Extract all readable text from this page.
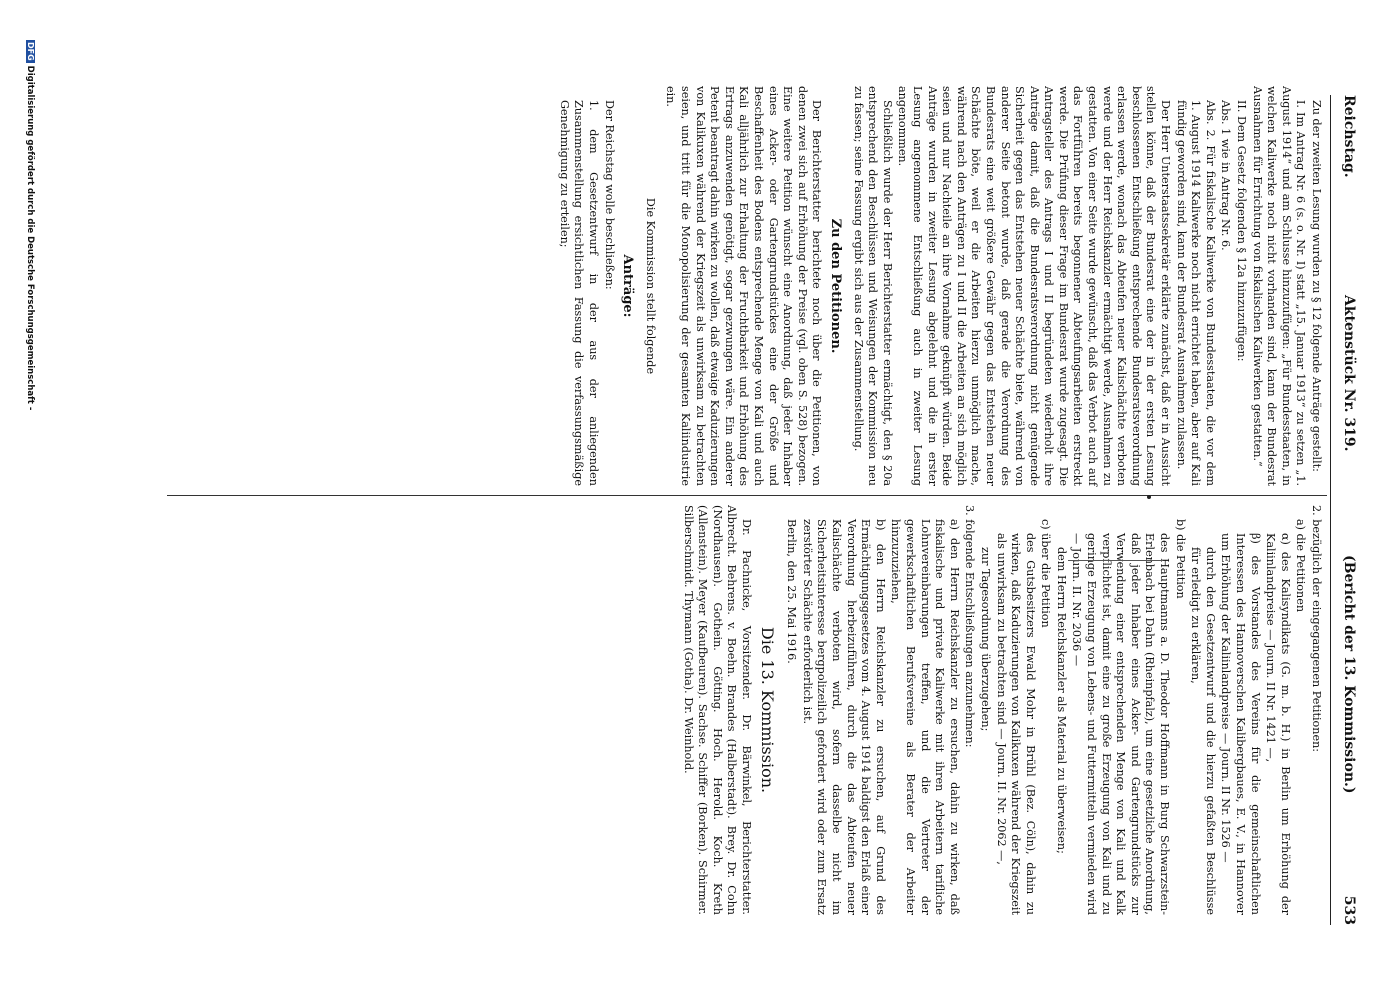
Reichstag.
Aktenstück Nr. 319.
(Bericht der 13. Kommission.)
533

Zu der zweiten Lesung wurden zu § 12 folgende Anträge gestellt:

I. Im Antrag Nr. 6 (s. o. Nr. I) statt „15. Januar 1913“ zu setzen „1. August 1914“ und am Schlusse hinzuzufügen: „Für Bundesstaaten, in welchen Kaliwerke noch nicht vorhanden sind, kann der Bundesrat Ausnahmen für Errichtung von fiskalischen Kaliwerken gestatten.“

II. Dem Gesetz folgenden § 12a hinzuzufügen:

Abs. 1 wie in Antrag Nr. 6.

Abs. 2. Für fiskalische Kaliwerke von Bundesstaaten, die vor dem 1. August 1914 Kaliwerke noch nicht errichtet haben, aber auf Kali fündig geworden sind, kann der Bundesrat Ausnahmen zulassen.

Der Herr Unterstaatssekretär erklärte zunächst, daß er in Aussicht stellen könne, daß der Bundesrat eine der in der ersten Lesung beschlossenen Entschließung entsprechende Bundesratsverordnung erlassen werde, wonach das Abteufen neuer Kalischächte verboten werde und der Herr Reichskanzler ermächtigt werde, Ausnahmen zu gestatten. Von einer Seite wurde gewünscht, daß das Verbot auch auf das Fortführen bereits begonnener Abteufungsarbeiten erstreckt werde. Die Prüfung dieser Frage im Bundesrat wurde zugesagt. Die Antragsteller des Antrags I und II begründeten wiederholt ihre Anträge damit, daß die Bundesratsverordnung nicht genügende Sicherheit gegen das Entstehen neuer Schächte biete, während von anderer Seite betont wurde, daß gerade die Verordnung des Bundesrats eine weit größere Gewähr gegen das Entstehen neuer Schächte böte, weil er die Arbeiten hierzu unmöglich mache, während nach den Anträgen zu I und II die Arbeiten an sich möglich seien und nur Nachteile an ihre Vornahme geknüpft würden. Beide Anträge wurden in zweiter Lesung abgelehnt und die in erster Lesung angenommene Entschließung auch in zweiter Lesung angenommen.

Schließlich wurde der Herr Berichterstatter ermächtigt, den § 20a entsprechend den Beschlüssen und Weisungen der Kommission neu zu fassen; seine Fassung ergibt sich aus der Zusammenstellung.

Zu den Petitionen.

Der Berichterstatter berichtete noch über die Petitionen, von denen zwei sich auf Erhöhung der Preise (vgl. oben S. 528) bezogen. Eine weitere Petition wünscht eine Anordnung, daß jeder Inhaber eines Acker- oder Gartengrundstückes eine der Größe und Beschaffenheit des Bodens entsprechende Menge von Kali und auch Kali alljährlich zur Erhaltung der Fruchtbarkeit und Erhöhung des Ertrags anzuwenden genötigt, sogar gezwungen wäre. Ein anderer Petent beantragt dahin wirken zu wollen, daß etwaige Kaduzierungen von Kalikuxen während der Kriegszeit als unwirksam zu betrachten seien, und tritt für die Monopolisierung der gesamten Kaliindustrie ein.

Die Kommission stellt folgende

Anträge:

Der Reichstag wolle beschließen:

1. dem Gesetzentwurf in der aus der anliegenden Zusammenstellung ersichtlichen Fassung die verfassungsmäßige Genehmigung zu erteilen;

2. bezüglich der eingegangenen Petitionen:

a) die Petitionen

α) des Kalisyndikats (G. m. b. H.) in Berlin um Erhöhung der Kaliinlandpreise — Journ. II Nr. 1421 —,

β) des Vorstandes des Vereins für die gemeinschaftlichen Interessen des Hannoverschen Kalibergbaues, E. V., in Hannover um Erhöhung der Kaliinlandpreise — Journ. II Nr. 1526 —

durch den Gesetzentwurf und die hierzu gefaßten Beschlüsse für erledigt zu erklären,

b) die Petition

des Hauptmanns a. D. Theodor Hoffmann in Burg Schwarzstein-Erlenbach bei Dahn (Rheinpfalz), um eine gesetzliche Anordnung, daß jeder Inhaber eines Acker- und Gartengrundstücks zur Verwendung einer entsprechenden Menge von Kali und Kalk verpflichtet ist, damit eine zu große Erzeugung von Kali und zu geringe Erzeugung von Lebens- und Futtermitteln vermieden wird — Journ. II. Nr. 2036 —

dem Herrn Reichskanzler als Material zu überweisen;

c) über die Petition

des Gutsbesitzers Ewald Mohr in Brühl (Bez. Cöln), dahin zu wirken, daß Kaduzierungen von Kalikuxen während der Kriegszeit als unwirksam zu betrachten sind — Journ. II. Nr. 2062 —,

zur Tagesordnung überzugehen;

3. folgende Entschließungen anzunehmen:

a) den Herrn Reichskanzler zu ersuchen, dahin zu wirken, daß fiskalische und private Kaliwerke mit ihren Arbeitern tarifliche Lohnvereinbarungen treffen, und die Vertreter der gewerkschaftlichen Berufsvereine als Berater der Arbeiter hinzuzuziehen,

b) den Herrn Reichskanzler zu ersuchen, auf Grund des Ermächtigungsgesetzes vom 4. August 1914 baldigst den Erlaß einer Verordnung herbeizuführen, durch die das Abteufen neuer Kalischächte verboten wird, sofern dasselbe nicht im Sicherheitsinteresse bergpolizeilich gefordert wird oder zum Ersatz zerstörter Schächte erforderlich ist.

Berlin, den 25. Mai 1916.

Die 13. Kommission.

Dr. Pachnicke, Vorsitzender. Dr. Bärwinkel, Berichterstatter. Albrecht. Behrens. v. Boehn. Brandes (Halberstadt). Brey. Dr. Cohn (Nordhausen). Gothein. Götting. Hoch. Herold. Koch. Kreth (Allenstein). Meyer (Kaufbeuren). Sachse. Schiffer (Borken). Schirmer. Silberschmidt. Thymann (Gotha). Dr. Weinhold.

DFGDigitalisierung gefördert durch die Deutsche Forschungsgemeinschaft -
